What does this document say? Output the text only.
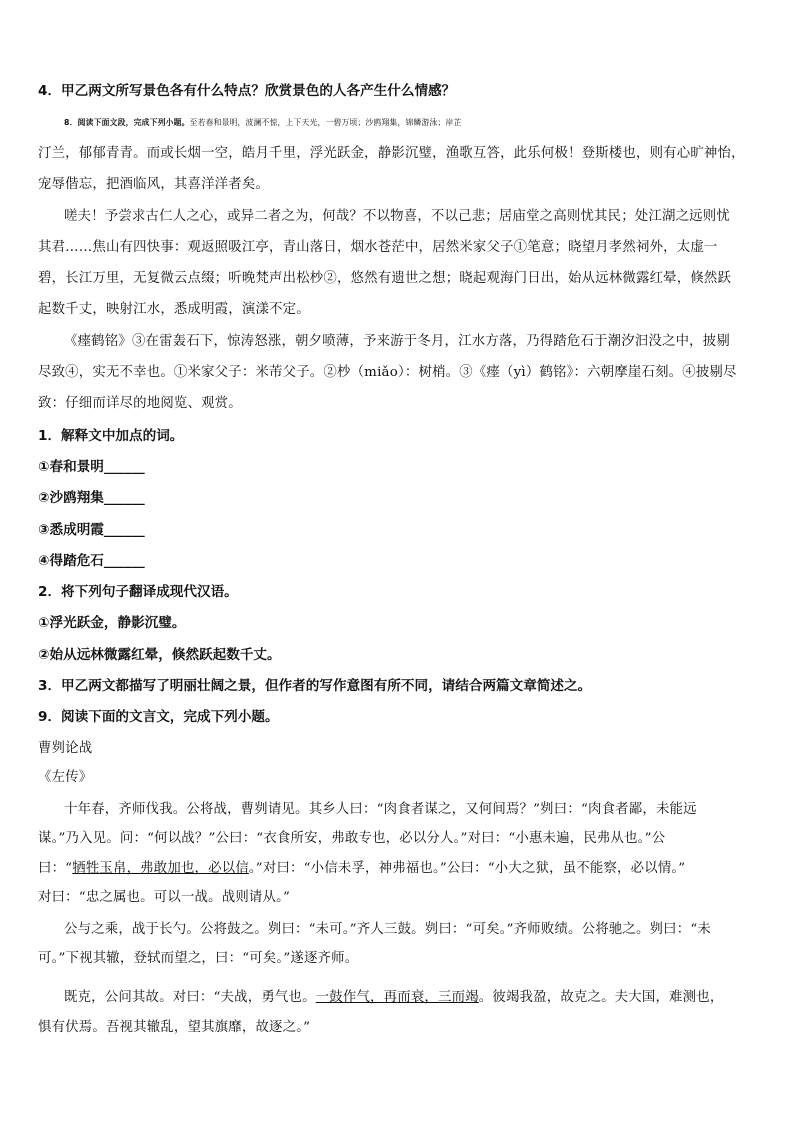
4．甲乙两文所写景色各有什么特点？欣赏景色的人各产生什么情感？
8．阅读下面文段，完成下列小题。至若春和景明，波澜不惊，上下天光，一碧万顷；沙鸥翔集，锦鳞游泳；岸芷
汀兰，郁郁青青。而或长烟一空，皓月千里，浮光跃金，静影沉璧，渔歌互答，此乐何极！登斯楼也，则有心旷神怡，
宠辱偕忘，把酒临风，其喜洋洋者矣。
嗟夫！予尝求古仁人之心，或异二者之为，何哉？不以物喜，不以己悲；居庙堂之高则忧其民；处江湖之远则忧
其君……焦山有四快事：观返照吸江亭，青山落日，烟水苍茫中，居然米家父子①笔意；晓望月孝然祠外，太虚一
碧，长江万里，无复微云点缀；听晚梵声出松杪②，悠然有遗世之想；晓起观海门日出，始从远林微露红晕，倏然跃
起数千丈，映射江水，悉成明霞，演漾不定。
《瘗鹤铭》③在雷轰石下，惊涛怒涨，朝夕喷薄，予来游于冬月，江水方落，乃得踏危石于潮汐汩没之中，披剔
尽致④，实无不幸也。①米家父子：米芾父子。②杪（miǎo）：树梢。③《瘗（yì）鹤铭》：六朝摩崖石刻。④披剔尽
致：仔细而详尽的地阅览、观赏。
1．解释文中加点的词。
①春和景明______
②沙鸥翔集______
③悉成明霞______
④得踏危石______
2．将下列句子翻译成现代汉语。
①浮光跃金，静影沉璧。
②始从远林微露红晕，倏然跃起数千丈。
3．甲乙两文都描写了明丽壮阔之景，但作者的写作意图有所不同，请结合两篇文章简述之。
9．阅读下面的文言文，完成下列小题。
曹刿论战
《左传》
十年春，齐师伐我。公将战，曹刿请见。其乡人曰：“肉食者谋之，又何间焉？”刿曰：“肉食者鄙，未能远
谋。”乃入见。问：“何以战？”公曰：“衣食所安，弗敢专也，必以分人。”对曰：“小惠未遍，民弗从也。”公
曰：“牺牲玉帛，弗敢加也，必以信。”对曰：“小信未孚，神弗福也。”公曰：“小大之狱，虽不能察，必以情。”
对曰：“忠之属也。可以一战。战则请从。”
公与之乘，战于长勺。公将鼓之。刿曰：“未可。”齐人三鼓。刿曰：“可矣。”齐师败绩。公将驰之。刿曰：“未
可。”下视其辙，登轼而望之，曰：“可矣。”遂逐齐师。
既克，公问其故。对曰：“夫战，勇气也。一鼓作气，再而衰，三而竭。彼竭我盈，故克之。夫大国，难测也，
惧有伏焉。吾视其辙乱，望其旗靡，故逐之。”
